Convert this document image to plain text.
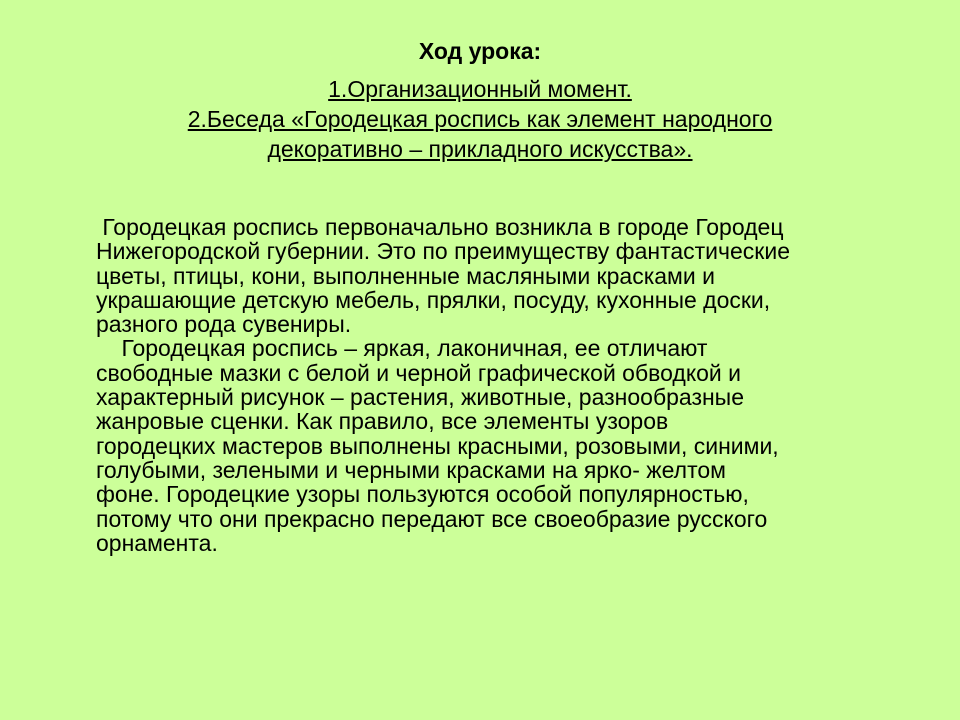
Ход урока:
1.Организационный момент.
2.Беседа «Городецкая роспись как элемент народного
декоративно – прикладного искусства».

Городецкая роспись первоначально возникла в городе Городец
Нижегородской губернии. Это по преимуществу фантастические
цветы, птицы, кони, выполненные масляными красками и
украшающие детскую мебель, прялки, посуду, кухонные доски,
разного рода сувениры.

Городецкая роспись – яркая, лаконичная, ее отличают
свободные мазки с белой и черной графической обводкой и
характерный рисунок – растения, животные, разнообразные
жанровые сценки. Как правило, все элементы узоров
городецких мастеров выполнены красными, розовыми, синими,
голубыми, зелеными и черными красками на ярко- желтом
фоне. Городецкие узоры пользуются особой популярностью,
потому что они прекрасно передают все своеобразие русского
орнамента.
